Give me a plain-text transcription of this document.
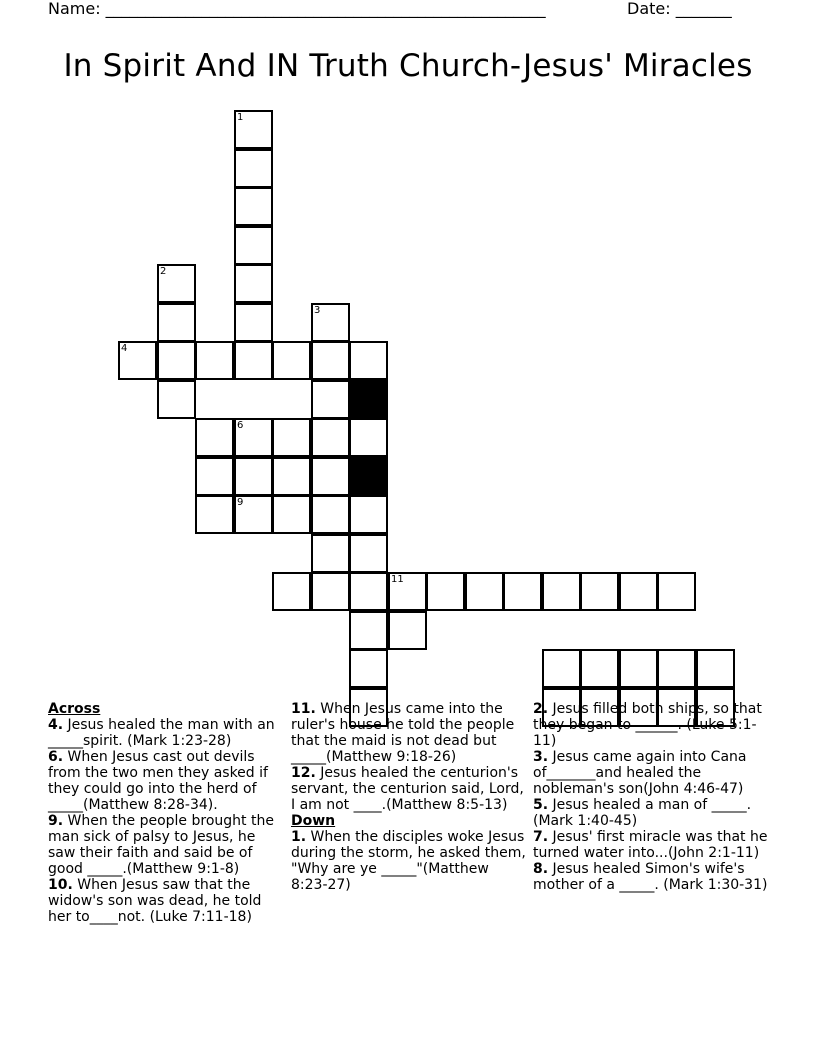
Name: _______________________________________________________	Date: _______
In Spirit And IN Truth Church-Jesus' Miracles
1
2
3
4
6
9
11
Across
4. Jesus healed the man with an _____spirit. (Mark 1:23-28)
6. When Jesus cast out devils from the two men they asked if they could go into the herd of _____(Matthew 8:28-34).
9. When the people brought the man sick of palsy to Jesus, he saw their faith and said be of good _____.(Matthew 9:1-8)
10. When Jesus saw that the widow's son was dead, he told her to____not. (Luke 7:11-18)
11. When Jesus came into the ruler's house he told the people that the maid is not dead but _____(Matthew 9:18-26)
12. Jesus healed the centurion's servant, the centurion said, Lord, I am not ____.(Matthew 8:5-13)
Down
1. When the disciples woke Jesus during the storm, he asked them, "Why are ye _____"(Matthew 8:23-27)
2. Jesus filled both ships, so that they began to ______. (Luke 5:1-11)
3. Jesus came again into Cana of_______and healed the nobleman's son(John 4:46-47)
5. Jesus healed a man of _____.(Mark 1:40-45)
7. Jesus' first miracle was that he turned water into...(John 2:1-11)
8. Jesus healed Simon's wife's mother of a _____. (Mark 1:30-31)
